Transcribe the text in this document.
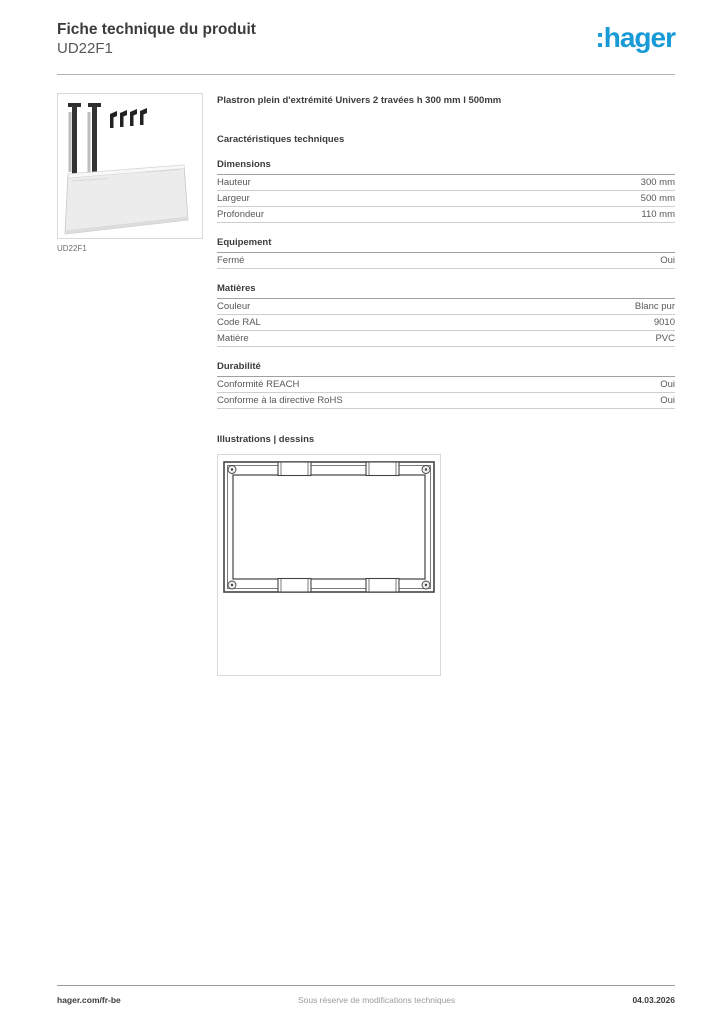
Fiche technique du produit
UD22F1	:hager
UD22F1
Plastron plein d'extrémité Univers 2 travées h 300 mm l 500mm
Caractéristiques techniques
Dimensions
Hauteur	300 mm
Largeur	500 mm
Profondeur	110 mm
Equipement
Fermé	Oui
Matières
Couleur	Blanc pur
Code RAL	9010
Matière	PVC
Durabilité
Conformité REACH	Oui
Conforme à la directive RoHS	Oui
Illustrations | dessins
hager.com/fr-be	Sous réserve de modifications techniques	04.03.2026
